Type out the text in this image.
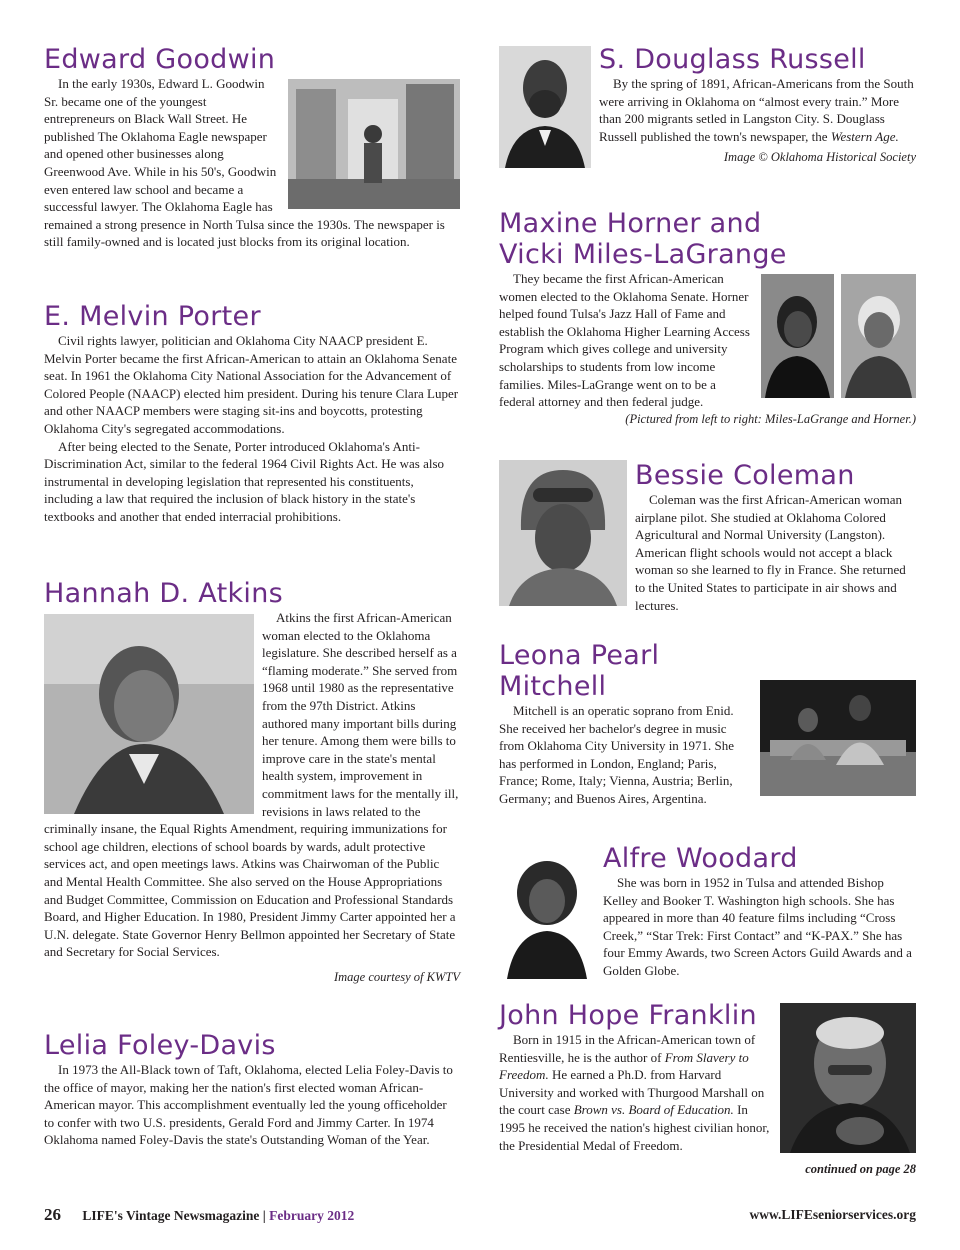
Edward Goodwin

In the early 1930s, Edward L. Goodwin Sr. became one of the youngest entrepreneurs on Black Wall Street. He published The Oklahoma Eagle newspaper and opened other businesses along Greenwood Ave. While in his 50's, Goodwin even entered law school and became a successful lawyer. The Oklahoma Eagle has remained a strong presence in North Tulsa since the 1930s. The newspaper is still family-owned and is located just blocks from its original location.

E. Melvin Porter

Civil rights lawyer, politician and Oklahoma City NAACP president E. Melvin Porter became the first African-American to attain an Oklahoma Senate seat. In 1961 the Oklahoma City National Association for the Advancement of Colored People (NAACP) elected him president. During his tenure Clara Luper and other NAACP members were staging sit-ins and boycotts, protesting Oklahoma City's segregated accommodations.

After being elected to the Senate, Porter introduced Oklahoma's Anti-Discrimination Act, similar to the federal 1964 Civil Rights Act. He was also instrumental in developing legislation that represented his constituents, including a law that required the inclusion of black history in the state's textbooks and another that ended interracial prohibitions.

Hannah D. Atkins

Atkins the first African-American woman elected to the Oklahoma legislature. She described herself as a “flaming moderate.” She served from 1968 until 1980 as the representative from the 97th District. Atkins authored many important bills during her tenure. Among them were bills to improve care in the state's mental health system, improvement in commitment laws for the mentally ill, revisions in laws related to the criminally insane, the Equal Rights Amendment, requiring immunizations for school age children, elections of school boards by wards, adult protective services act, and open meetings laws. Atkins was Chairwoman of the Public and Mental Health Committee. She also served on the House Appropriations and Budget Committee, Commission on Education and Professional Standards Board, and Higher Education. In 1980, President Jimmy Carter appointed her a U.N. delegate. State Governor Henry Bellmon appointed her Secretary of State and Secretary for Social Services.

Image courtesy of KWTV

Lelia Foley-Davis

In 1973 the All-Black town of Taft, Oklahoma, elected Lelia Foley-Davis to the office of mayor, making her the nation's first elected woman African-American mayor. This accomplishment eventually led the young officeholder to confer with two U.S. presidents, Gerald Ford and Jimmy Carter. In 1974 Oklahoma named Foley-Davis the state's Outstanding Woman of the Year.

S. Douglass Russell

By the spring of 1891, African-Americans from the South were arriving in Oklahoma on “almost every train.” More than 200 migrants setled in Langston City. S. Douglass Russell published the town's newspaper, the Western Age.

Image © Oklahoma Historical Society

Maxine Horner and
Vicki Miles-LaGrange

They became the first African-American women elected to the Oklahoma Senate. Horner helped found Tulsa's Jazz Hall of Fame and establish the Oklahoma Higher Learning Access Program which gives college and university scholarships to students from low income families. Miles-LaGrange went on to be a federal attorney and then federal judge.

(Pictured from left to right: Miles-LaGrange and Horner.)

Bessie Coleman

Coleman was the first African-American woman airplane pilot. She studied at Oklahoma Colored Agricultural and Normal University (Langston). American flight schools would not accept a black woman so she learned to fly in France. She returned to the United States to participate in air shows and lectures.

Leona Pearl
Mitchell

Mitchell is an operatic soprano from Enid. She received her bachelor's degree in music from Oklahoma City University in 1971. She has performed in London, England; Paris, France; Rome, Italy; Vienna, Austria; Berlin, Germany; and Buenos Aires, Argentina.

Alfre Woodard

She was born in 1952 in Tulsa and attended Bishop Kelley and Booker T. Washington high schools. She has appeared in more than 40 feature films including “Cross Creek,” “Star Trek: First Contact” and “K-PAX.” She has four Emmy Awards, two Screen Actors Guild Awards and a Golden Globe.

John Hope Franklin

Born in 1915 in the African-American town of Rentiesville, he is the author of From Slavery to Freedom. He earned a Ph.D. from Harvard University and worked with Thurgood Marshall on the court case Brown vs. Board of Education. In 1995 he received the nation's highest civilian honor, the Presidential Medal of Freedom.

continued on page 28
26 LIFE's Vintage Newsmagazine | February 2012	www.LIFEseniorservices.org
